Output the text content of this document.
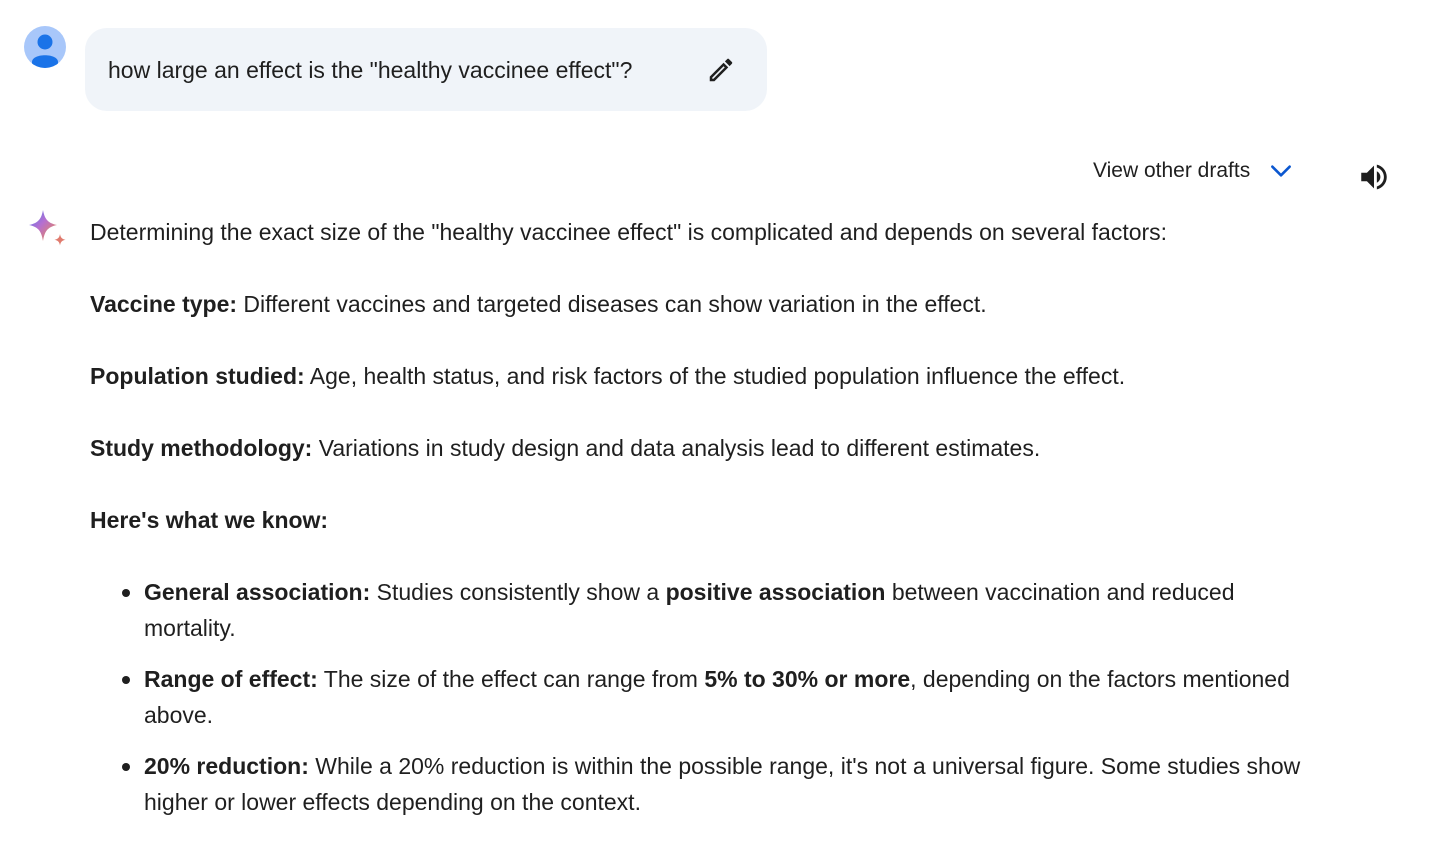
how large an effect is the "healthy vaccinee effect"?
View other drafts

Determining the exact size of the "healthy vaccinee effect" is complicated and depends on several factors:

Vaccine type: Different vaccines and targeted diseases can show variation in the effect.

Population studied: Age, health status, and risk factors of the studied population influence the effect.

Study methodology: Variations in study design and data analysis lead to different estimates.

Here's what we know:

General association: Studies consistently show a positive association between vaccination and reduced mortality.
Range of effect: The size of the effect can range from 5% to 30% or more, depending on the factors mentioned above.
20% reduction: While a 20% reduction is within the possible range, it's not a universal figure. Some studies show higher or lower effects depending on the context.
